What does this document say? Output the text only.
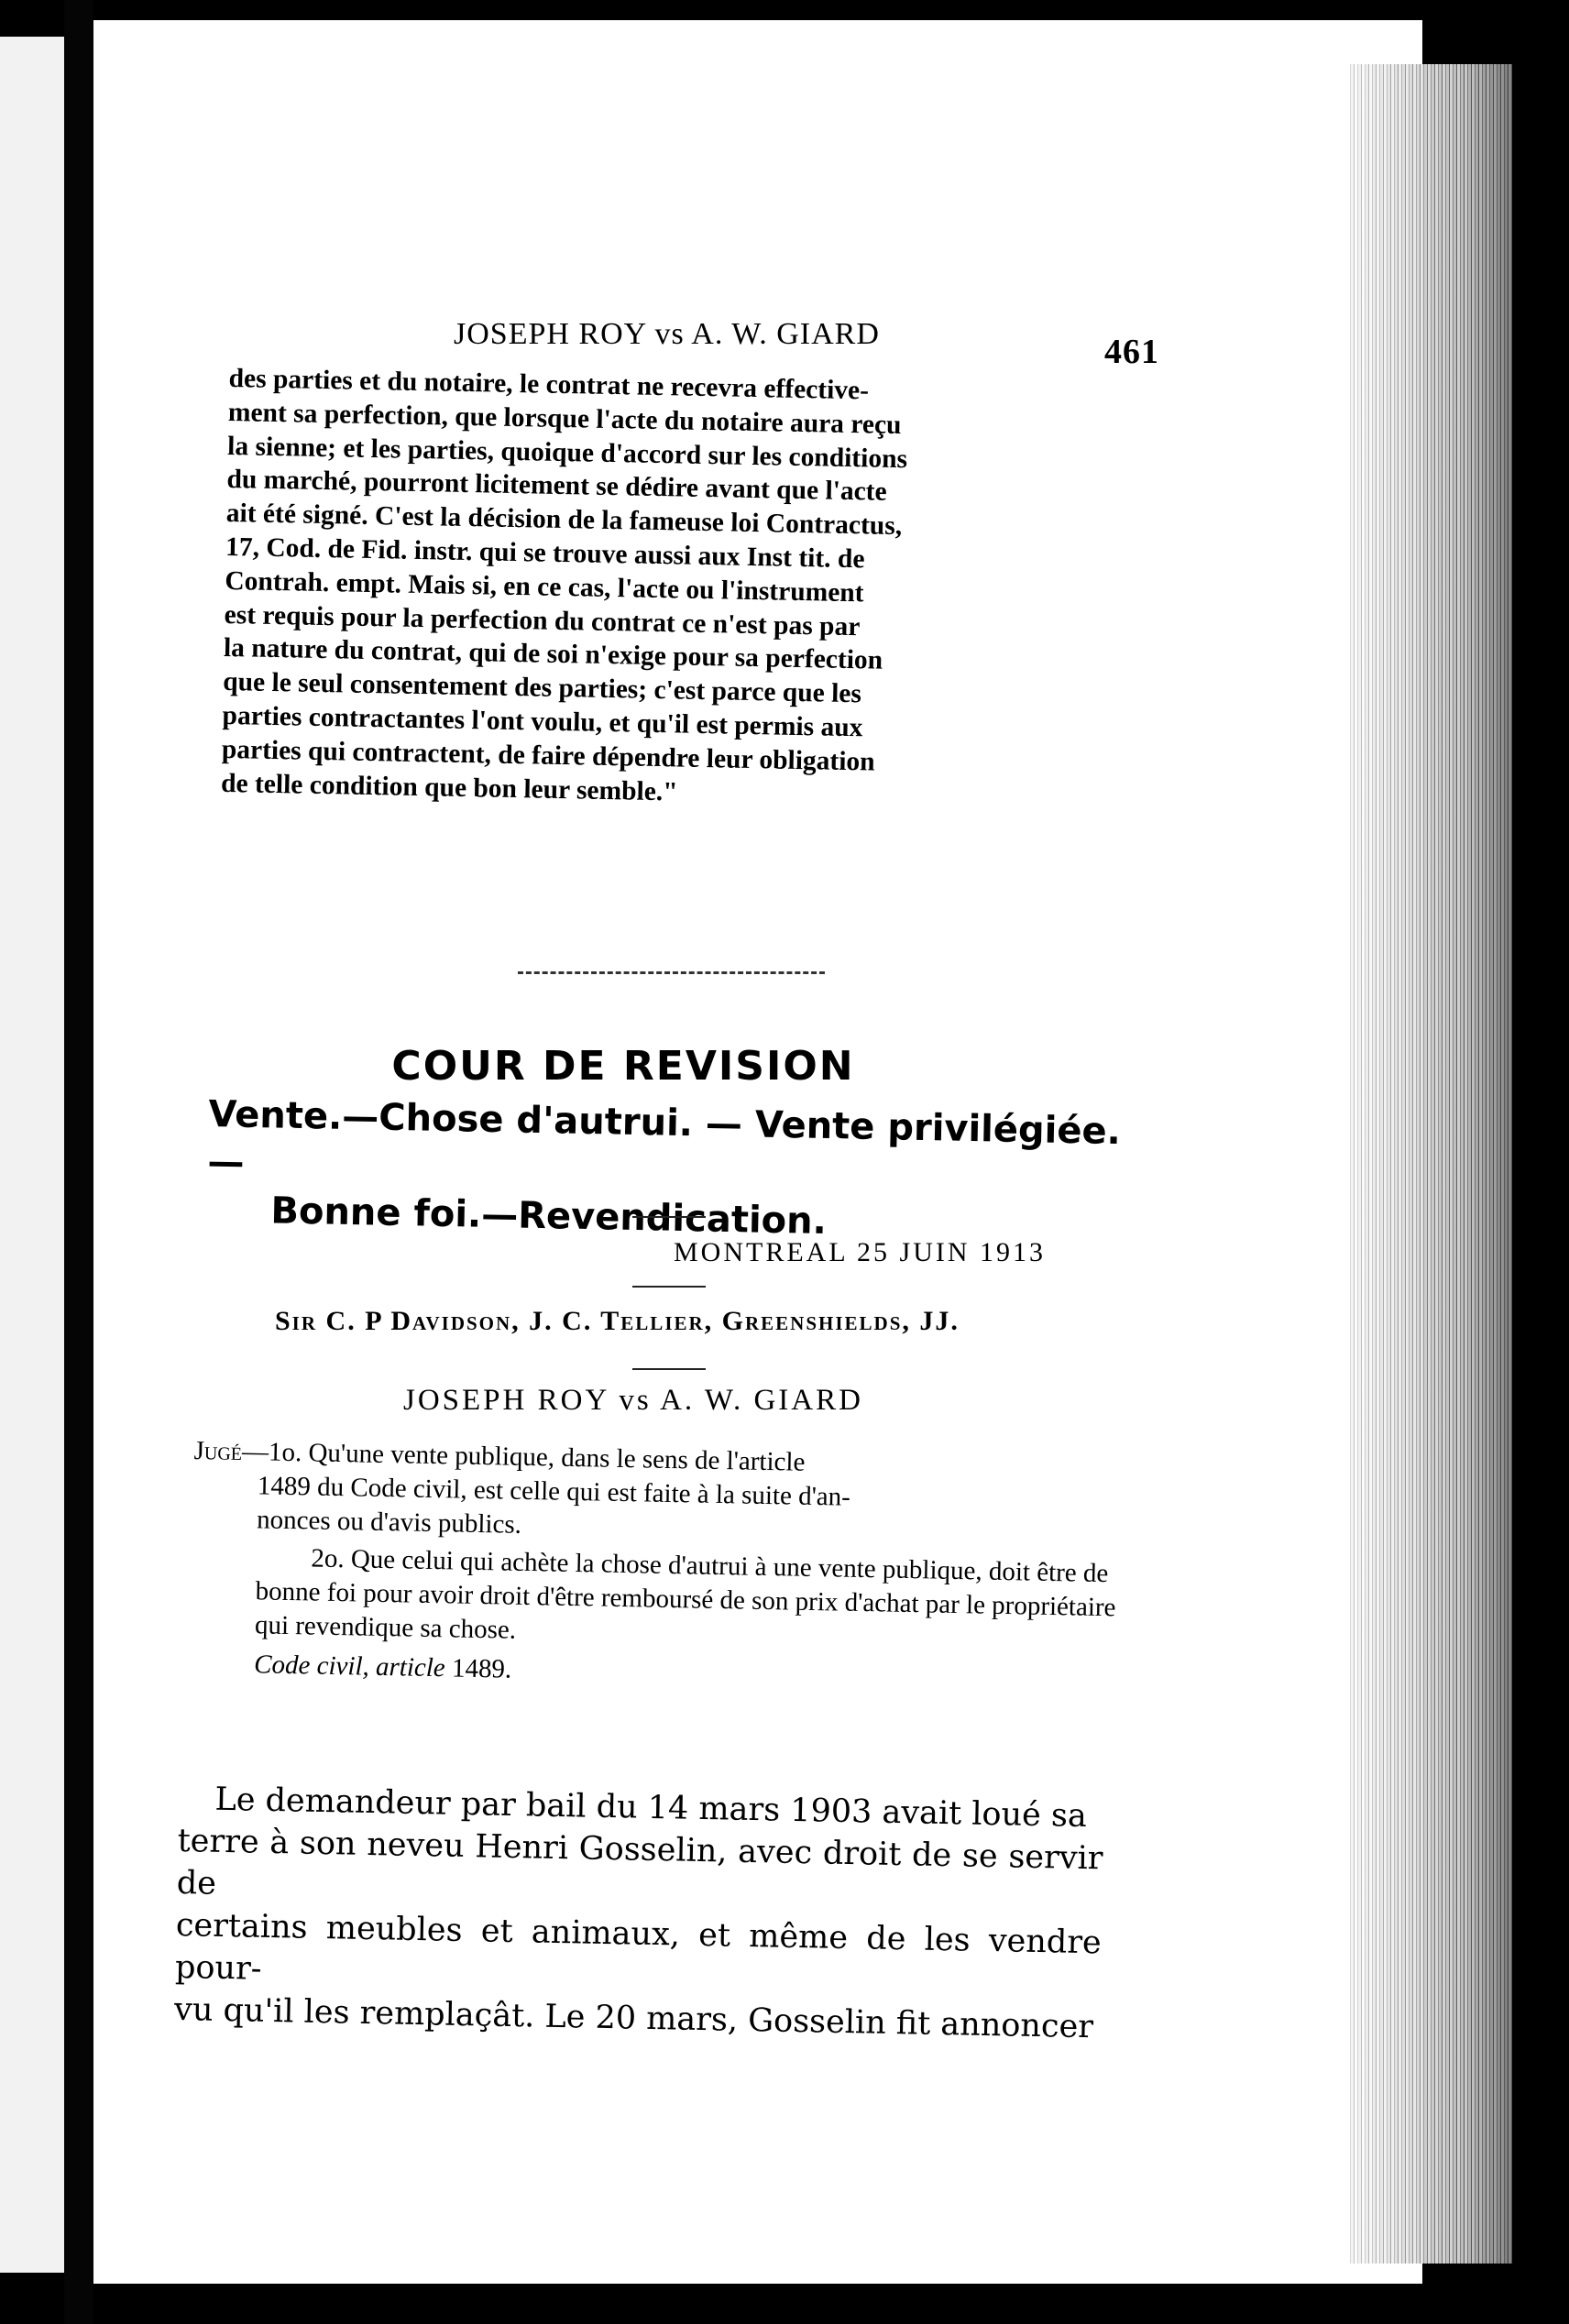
JOSEPH ROY vs A. W. GIARD	461
des parties et du notaire, le contrat ne recevra effective-
ment sa perfection, que lorsque l'acte du notaire aura reçu
la sienne; et les parties, quoique d'accord sur les conditions
du marché, pourront licitement se dédire avant que l'acte
ait été signé. C'est la décision de la fameuse loi Contractus,
17, Cod. de Fid. instr. qui se trouve aussi aux Inst tit. de
Contrah. empt. Mais si, en ce cas, l'acte ou l'instrument
est requis pour la perfection du contrat ce n'est pas par
la nature du contrat, qui de soi n'exige pour sa perfection
que le seul consentement des parties; c'est parce que les
parties contractantes l'ont voulu, et qu'il est permis aux
parties qui contractent, de faire dépendre leur obligation
de telle condition que bon leur semble."
COUR DE REVISION
Vente.—Chose d'autrui. — Vente privilégiée. —
Bonne foi.—Revendication.
MONTREAL 25 JUIN 1913
Sir C. P Davidson, J. C. Tellier, Greenshields, JJ.
JOSEPH ROY vs A. W. GIARD
Jugé—1o. Qu'une vente publique, dans le sens de l'article
1489 du Code civil, est celle qui est faite à la suite d'an-
nonces ou d'avis publics.
2o. Que celui qui achète la chose d'autrui à une vente publique, doit être de bonne foi pour avoir droit d'être remboursé de son prix d'achat par le propriétaire qui revendique sa chose.
Code civil, article 1489.
Le demandeur par bail du 14 mars 1903 avait loué sa
terre à son neveu Henri Gosselin, avec droit de se servir de
certains meubles et animaux, et même de les vendre pour-
vu qu'il les remplaçât. Le 20 mars, Gosselin fit annoncer
